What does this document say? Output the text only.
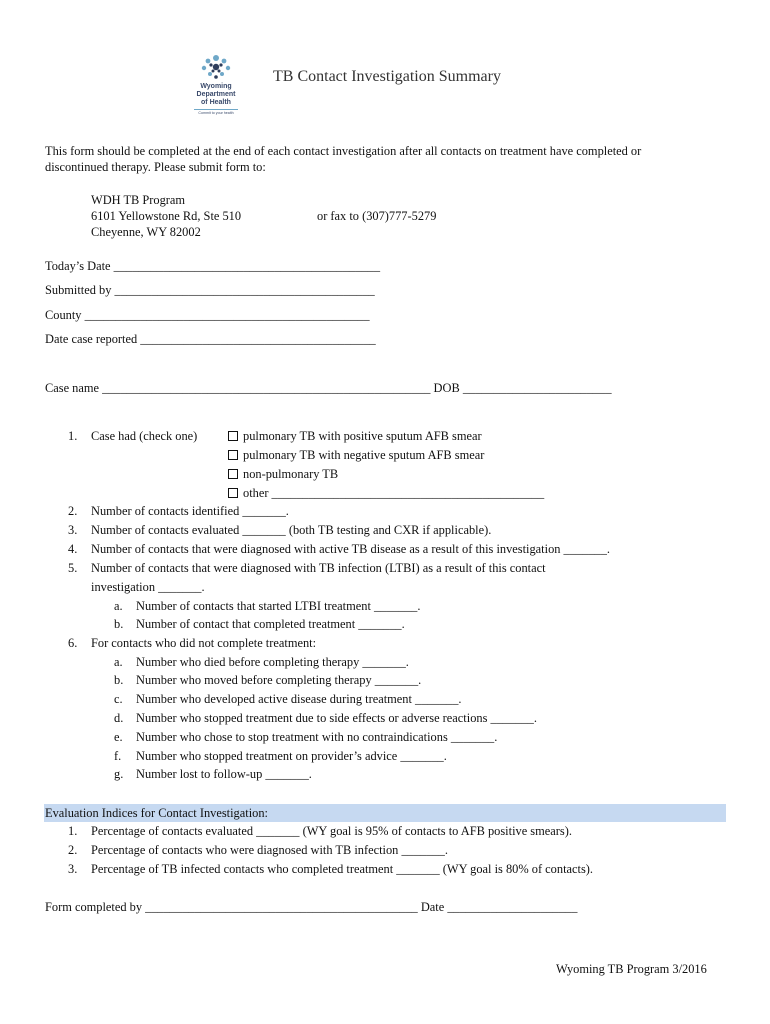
Wyoming
Department
of Health
Commit to your health
TB Contact Investigation Summary
This form should be completed at the end of each contact investigation after all contacts on treatment have completed or
discontinued therapy. Please submit form to:
WDH TB Program
6101 Yellowstone Rd, Ste 510	or fax to (307)777-5279
Cheyenne, WY 82002
Today’s Date ___________________________________________
Submitted by __________________________________________
County ______________________________________________
Date case reported ______________________________________
Case name _____________________________________________________ DOB ________________________
1. Case had (check one)	pulmonary TB with positive sputum AFB smear
pulmonary TB with negative sputum AFB smear
non-pulmonary TB
other ____________________________________________
2. Number of contacts identified _______.
3. Number of contacts evaluated _______ (both TB testing and CXR if applicable).
4. Number of contacts that were diagnosed with active TB disease as a result of this investigation _______.
5. Number of contacts that were diagnosed with TB infection (LTBI) as a result of this contact
investigation _______.
a. Number of contacts that started LTBI treatment _______.
b. Number of contact that completed treatment _______.
6. For contacts who did not complete treatment:
a. Number who died before completing therapy _______.
b. Number who moved before completing therapy _______.
c. Number who developed active disease during treatment _______.
d. Number who stopped treatment due to side effects or adverse reactions _______.
e. Number who chose to stop treatment with no contraindications _______.
f. Number who stopped treatment on provider’s advice _______.
g. Number lost to follow-up _______.
Evaluation Indices for Contact Investigation:
1. Percentage of contacts evaluated _______ (WY goal is 95% of contacts to AFB positive smears).
2. Percentage of contacts who were diagnosed with TB infection _______.
3. Percentage of TB infected contacts who completed treatment _______ (WY goal is 80% of contacts).
Form completed by ____________________________________________ Date _____________________
Wyoming TB Program 3/2016
